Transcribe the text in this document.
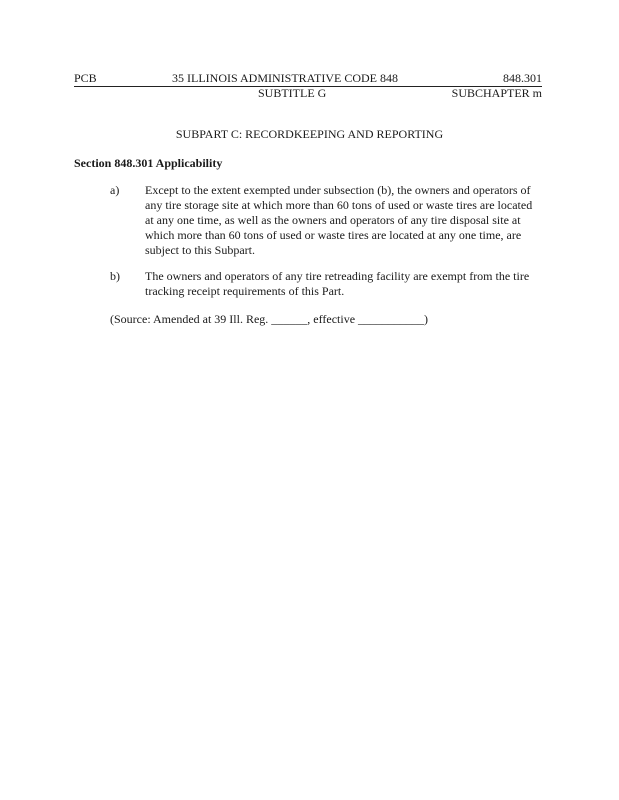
PCB	35 ILLINOIS ADMINISTRATIVE CODE 848	848.301
SUBTITLE G	SUBCHAPTER m
SUBPART C: RECORDKEEPING AND REPORTING
Section 848.301 Applicability
a)	Except to the extent exempted under subsection (b), the owners and operators of
any tire storage site at which more than 60 tons of used or waste tires are located
at any one time, as well as the owners and operators of any tire disposal site at
which more than 60 tons of used or waste tires are located at any one time, are
subject to this Subpart.
b)	The owners and operators of any tire retreading facility are exempt from the tire
tracking receipt requirements of this Part.
(Source: Amended at 39 Ill. Reg. ______, effective ___________)
